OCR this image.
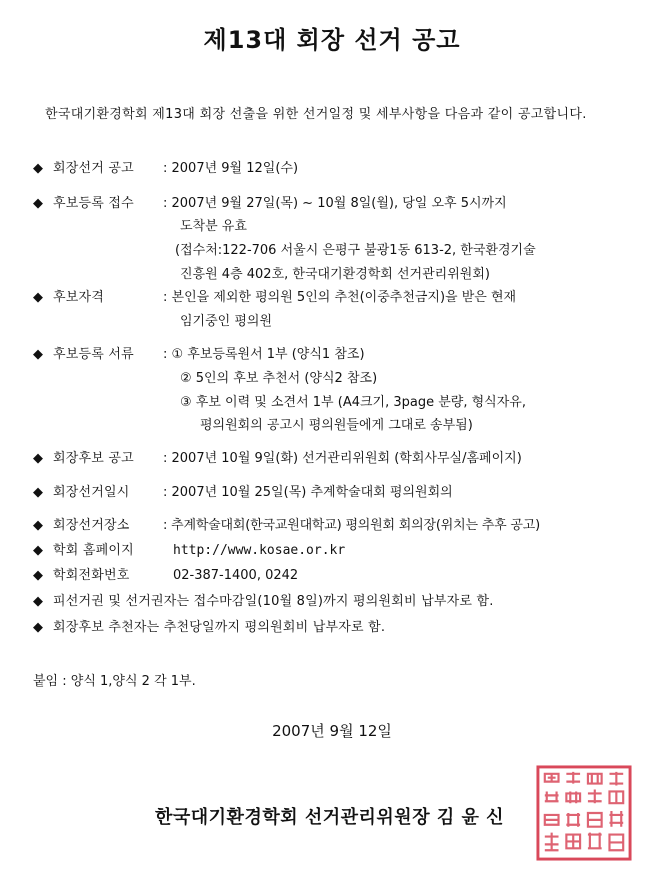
제13대 회장 선거 공고
한국대기환경학회 제13대 회장 선출을 위한 선거일정 및 세부사항을 다음과 같이 공고합니다.
◆ 회장선거 공고 : 2007년 9월 12일(수)
◆ 후보등록 접수 : 2007년 9월 27일(목) ~ 10월 8일(월), 당일 오후 5시까지
도착분 유효
(접수처:122-706 서울시 은평구 불광1동 613-2, 한국환경기술
진흥원 4층 402호, 한국대기환경학회 선거관리위원회)
◆ 후보자격	: 본인을 제외한 평의원 5인의 추천(이중추천금지)을 받은 현재
임기중인 평의원
◆ 후보등록 서류 : ① 후보등록원서 1부 (양식1 참조)
② 5인의 후보 추천서 (양식2 참조)
③ 후보 이력 및 소견서 1부 (A4크기, 3page 분량, 형식자유,
평의원회의 공고시 평의원들에게 그대로 송부됨)
◆ 회장후보 공고 : 2007년 10월 9일(화) 선거관리위원회 (학회사무실/홈페이지)
◆ 회장선거일시	: 2007년 10월 25일(목) 추계학술대회 평의원회의
◆ 회장선거장소	: 추계학술대회(한국교원대학교) 평의원회 회의장(위치는 추후 공고)
◆ 학회 홈페이지	http://www.kosae.or.kr
◆ 학회전화번호	02-387-1400, 0242
◆ 피선거권 및 선거권자는 접수마감일(10월 8일)까지 평의원회비 납부자로 함.
◆ 회장후보 추천자는 추천당일까지 평의원회비 납부자로 함.
붙임 : 양식 1,양식 2 각 1부.
2007년 9월 12일
한국대기환경학회 선거관리위원장 김 윤 신
